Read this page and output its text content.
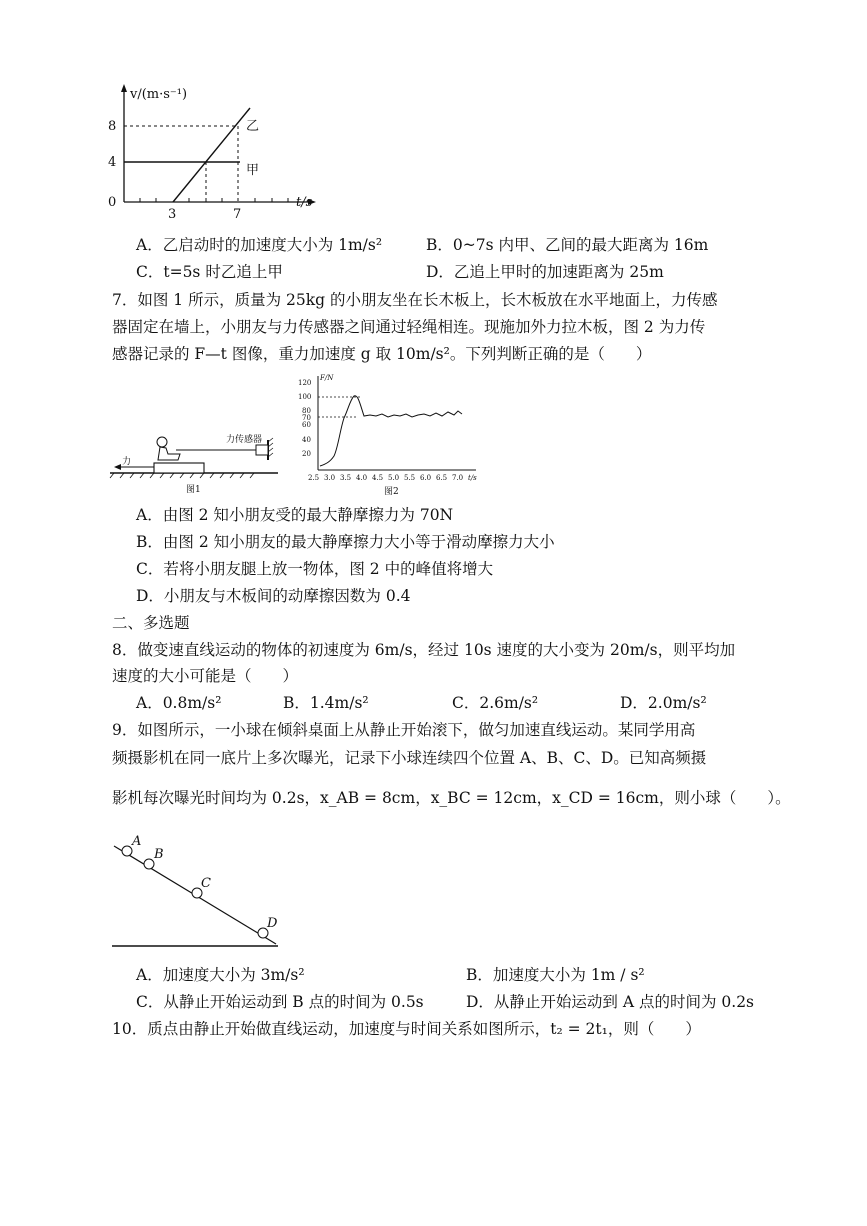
v/(m·s⁻¹)
8
4
0
3	7
t/s
乙
甲
A．乙启动时的加速度大小为 1m/s²	B．0~7s 内甲、乙间的最大距离为 16m
C．t=5s 时乙追上甲	D．乙追上甲时的加速距离为 25m
7．如图 1 所示，质量为 25kg 的小朋友坐在长木板上，长木板放在水平地面上，力传感
器固定在墙上，小朋友与力传感器之间通过轻绳相连。现施加外力拉木板，图 2 为力传
感器记录的 F—t 图像，重力加速度 g 取 10m/s²。下列判断正确的是（　　）
力
力传感器
图1
F/N
120
100
80
70
60
40
20
2.5 3.0 3.5 4.0 4.5 5.0 5.5 6.0 6.5 7.0 t/s
图2
A．由图 2 知小朋友受的最大静摩擦力为 70N
B．由图 2 知小朋友的最大静摩擦力大小等于滑动摩擦力大小
C．若将小朋友腿上放一物体，图 2 中的峰值将增大
D．小朋友与木板间的动摩擦因数为 0.4
二、多选题
8．做变速直线运动的物体的初速度为 6m/s，经过 10s 速度的大小变为 20m/s，则平均加
速度的大小可能是（　　）
A．0.8m/s²	B．1.4m/s²	C．2.6m/s²	D．2.0m/s²
9．如图所示，一小球在倾斜桌面上从静止开始滚下，做匀加速直线运动。某同学用高
频摄影机在同一底片上多次曝光，记录下小球连续四个位置 A、B、C、D。已知高频摄
影机每次曝光时间均为 0.2s，x_AB = 8cm，x_BC = 12cm，x_CD = 16cm，则小球（　　）。
A
B
C
D
A．加速度大小为 3m/s²	B．加速度大小为 1m / s²
C．从静止开始运动到 B 点的时间为 0.5s	D．从静止开始运动到 A 点的时间为 0.2s
10．质点由静止开始做直线运动，加速度与时间关系如图所示，t₂ = 2t₁，则（　　）
